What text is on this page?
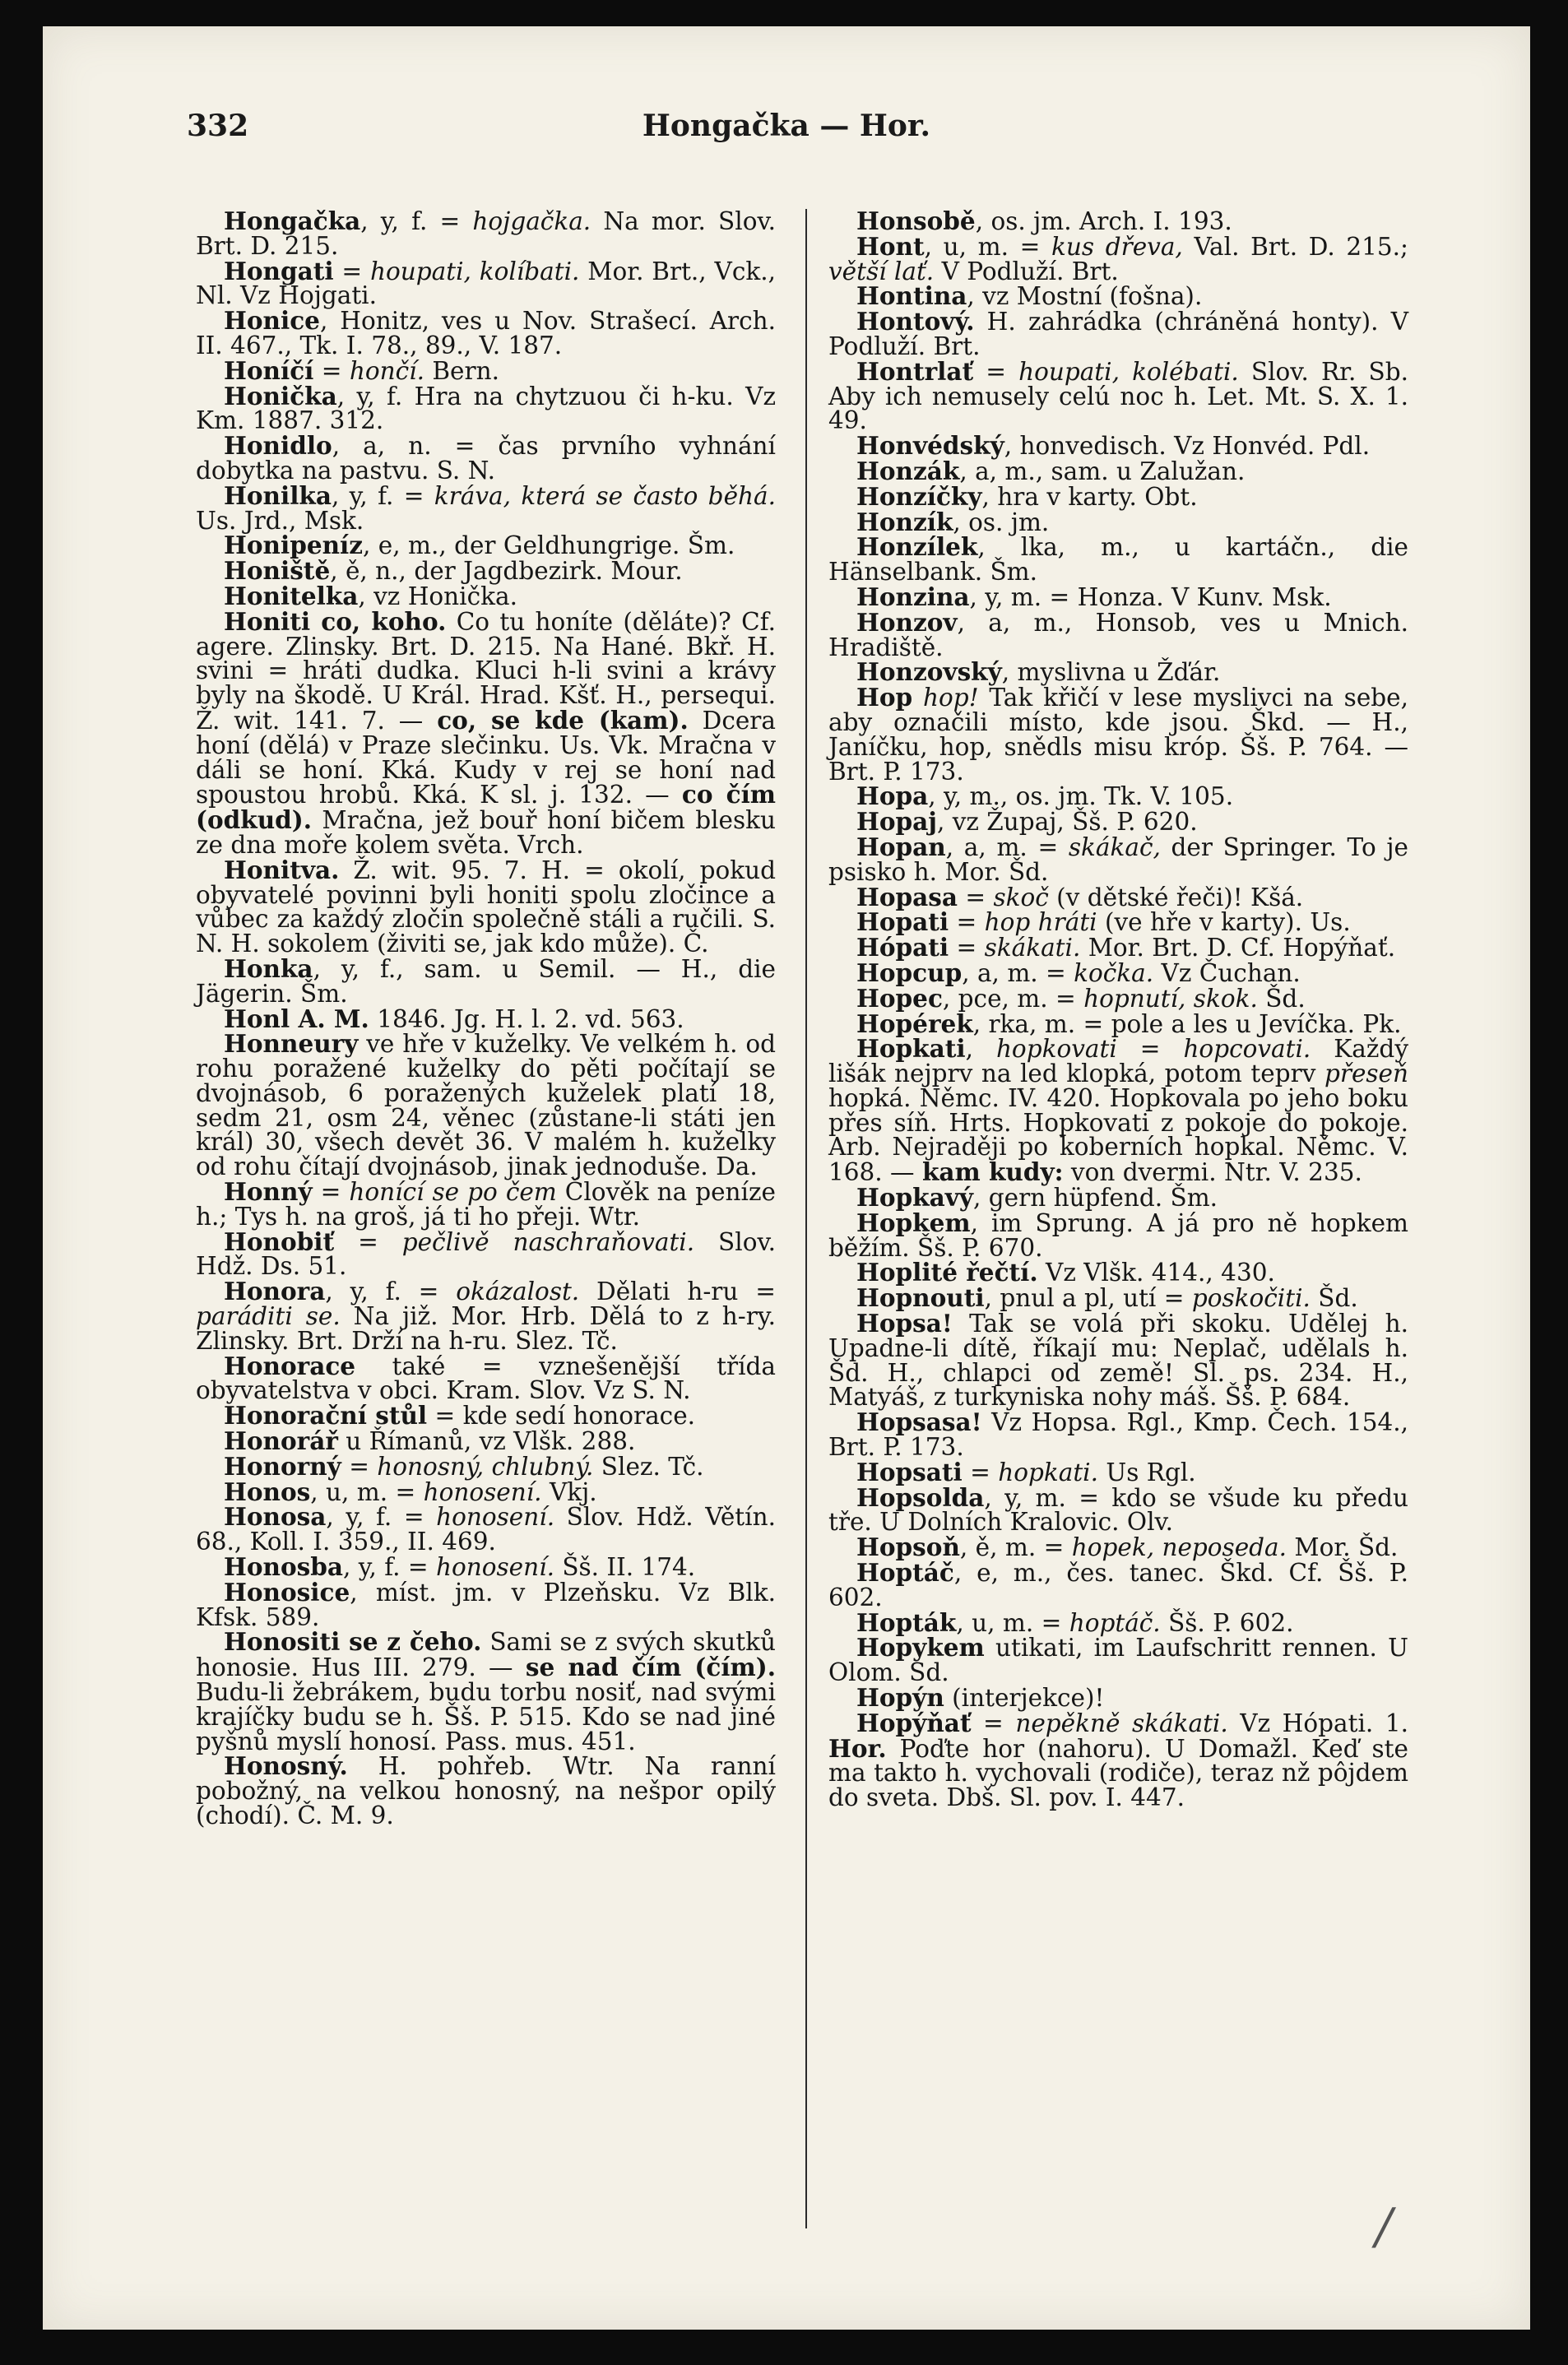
332	Hongačka — Hor.

Hongačka, y, f. = hojgačka. Na mor. Slov. Brt. D. 215.

Hongati = houpati, kolíbati. Mor. Brt., Vck., Nl. Vz Hojgati.

Honice, Honitz, ves u Nov. Strašecí. Arch. II. 467., Tk. I. 78., 89., V. 187.

Honíčí = hončí. Bern.

Honička, y, f. Hra na chytzuou či h-ku. Vz Km. 1887. 312.

Honidlo, a, n. = čas prvního vyhnání dobytka na pastvu. S. N.

Honilka, y, f. = kráva, která se často běhá. Us. Jrd., Msk.

Honipeníz, e, m., der Geldhungrige. Šm.

Honiště, ě, n., der Jagdbezirk. Mour.

Honitelka, vz Honička.

Honiti co, koho. Co tu honíte (děláte)? Cf. agere. Zlinsky. Brt. D. 215. Na Hané. Bkř. H. svini = hráti dudka. Kluci h-li svini a krávy byly na škodě. U Král. Hrad. Kšť. H., persequi. Ž. wit. 141. 7. — co, se kde (kam). Dcera honí (dělá) v Praze slečinku. Us. Vk. Mračna v dáli se honí. Kká. Kudy v rej se honí nad spoustou hrobů. Kká. K sl. j. 132. — co čím (odkud). Mračna, jež bouř honí bičem blesku ze dna moře kolem světa. Vrch.

Honitva. Ž. wit. 95. 7. H. = okolí, pokud obyvatelé povinni byli honiti spolu zločince a vůbec za každý zločin společně stáli a ručili. S. N. H. sokolem (živiti se, jak kdo může). Č.

Honka, y, f., sam. u Semil. — H., die Jägerin. Šm.

Honl A. M. 1846. Jg. H. l. 2. vd. 563.

Honneury ve hře v kuželky. Ve velkém h. od rohu poražené kuželky do pěti počítají se dvojnásob, 6 poražených kuželek platí 18, sedm 21, osm 24, věnec (zůstane-li státi jen král) 30, všech devět 36. V malém h. kuželky od rohu čítají dvojnásob, jinak jednoduše. Da.

Honný = honící se po čem Člověk na peníze h.; Tys h. na groš, já ti ho přeji. Wtr.

Honobiť = pečlivě naschraňovati. Slov. Hdž. Ds. 51.

Honora, y, f. = okázalost. Dělati h-ru = paráditi se. Na již. Mor. Hrb. Dělá to z h-ry. Zlinsky. Brt. Drží na h-ru. Slez. Tč.

Honorace také = vznešenější třída obyvatelstva v obci. Kram. Slov. Vz S. N.

Honorační stůl = kde sedí honorace.

Honorář u Římanů, vz Vlšk. 288.

Honorný = honosný, chlubný. Slez. Tč.

Honos, u, m. = honosení. Vkj.

Honosa, y, f. = honosení. Slov. Hdž. Větín. 68., Koll. I. 359., II. 469.

Honosba, y, f. = honosení. Šš. II. 174.

Honosice, míst. jm. v Plzeňsku. Vz Blk. Kfsk. 589.

Honositi se z čeho. Sami se z svých skutků honosie. Hus III. 279. — se nad čím (čím). Budu-li žebrákem, budu torbu nosiť, nad svými krajíčky budu se h. Šš. P. 515. Kdo se nad jiné pyšnů myslí honosí. Pass. mus. 451.

Honosný. H. pohřeb. Wtr. Na ranní pobožný, na velkou honosný, na nešpor opilý (chodí). Č. M. 9.

Honsobě, os. jm. Arch. I. 193.

Hont, u, m. = kus dřeva, Val. Brt. D. 215.; větší lať. V Podluží. Brt.

Hontina, vz Mostní (fošna).

Hontový. H. zahrádka (chráněná honty). V Podluží. Brt.

Hontrlať = houpati, kolébati. Slov. Rr. Sb. Aby ich nemusely celú noc h. Let. Mt. S. X. 1. 49.

Honvédský, honvedisch. Vz Honvéd. Pdl.

Honzák, a, m., sam. u Zalužan.

Honzíčky, hra v karty. Obt.

Honzík, os. jm.

Honzílek, lka, m., u kartáčn., die Hänselbank. Šm.

Honzina, y, m. = Honza. V Kunv. Msk.

Honzov, a, m., Honsob, ves u Mnich. Hradiště.

Honzovský, myslivna u Žďár.

Hop hop! Tak křičí v lese myslivci na sebe, aby označili místo, kde jsou. Škd. — H., Janíčku, hop, snědls misu króp. Šš. P. 764. — Brt. P. 173.

Hopa, y, m., os. jm. Tk. V. 105.

Hopaj, vz Župaj, Šš. P. 620.

Hopan, a, m. = skákač, der Springer. To je psisko h. Mor. Šd.

Hopasa = skoč (v dětské řeči)! Kšá.

Hopati = hop hráti (ve hře v karty). Us.

Hópati = skákati. Mor. Brt. D. Cf. Hopýňať.

Hopcup, a, m. = kočka. Vz Čuchan.

Hopec, pce, m. = hopnutí, skok. Šd.

Hopérek, rka, m. = pole a les u Jevíčka. Pk.

Hopkati, hopkovati = hopcovati. Každý lišák nejprv na led klopká, potom teprv přeseň hopká. Němc. IV. 420. Hopkovala po jeho boku přes síň. Hrts. Hopkovati z pokoje do pokoje. Arb. Nejraději po koberních hopkal. Němc. V. 168. — kam kudy: von dvermi. Ntr. V. 235.

Hopkavý, gern hüpfend. Šm.

Hopkem, im Sprung. A já pro ně hopkem běžím. Šš. P. 670.

Hoplité řečtí. Vz Vlšk. 414., 430.

Hopnouti, pnul a pl, utí = poskočiti. Šd.

Hopsa! Tak se volá při skoku. Udělej h. Upadne-li dítě, říkají mu: Neplač, udělals h. Šd. H., chlapci od země! Sl. ps. 234. H., Matyáš, z turkyniska nohy máš. Šš. P. 684.

Hopsasa! Vz Hopsa. Rgl., Kmp. Čech. 154., Brt. P. 173.

Hopsati = hopkati. Us Rgl.

Hopsolda, y, m. = kdo se všude ku předu tře. U Dolních Kralovic. Olv.

Hopsoň, ě, m. = hopek, neposeda. Mor. Šd.

Hoptáč, e, m., čes. tanec. Škd. Cf. Šš. P. 602.

Hopták, u, m. = hoptáč. Šš. P. 602.

Hopykem utikati, im Laufschritt rennen. U Olom. Sd.

Hopýn (interjekce)!

Hopýňať = nepěkně skákati. Vz Hópati. 1. Hor. Poďte hor (nahoru). U Domažl. Keď ste ma takto h. vychovali (rodiče), teraz nž pôjdem do sveta. Dbš. Sl. pov. I. 447.

/
